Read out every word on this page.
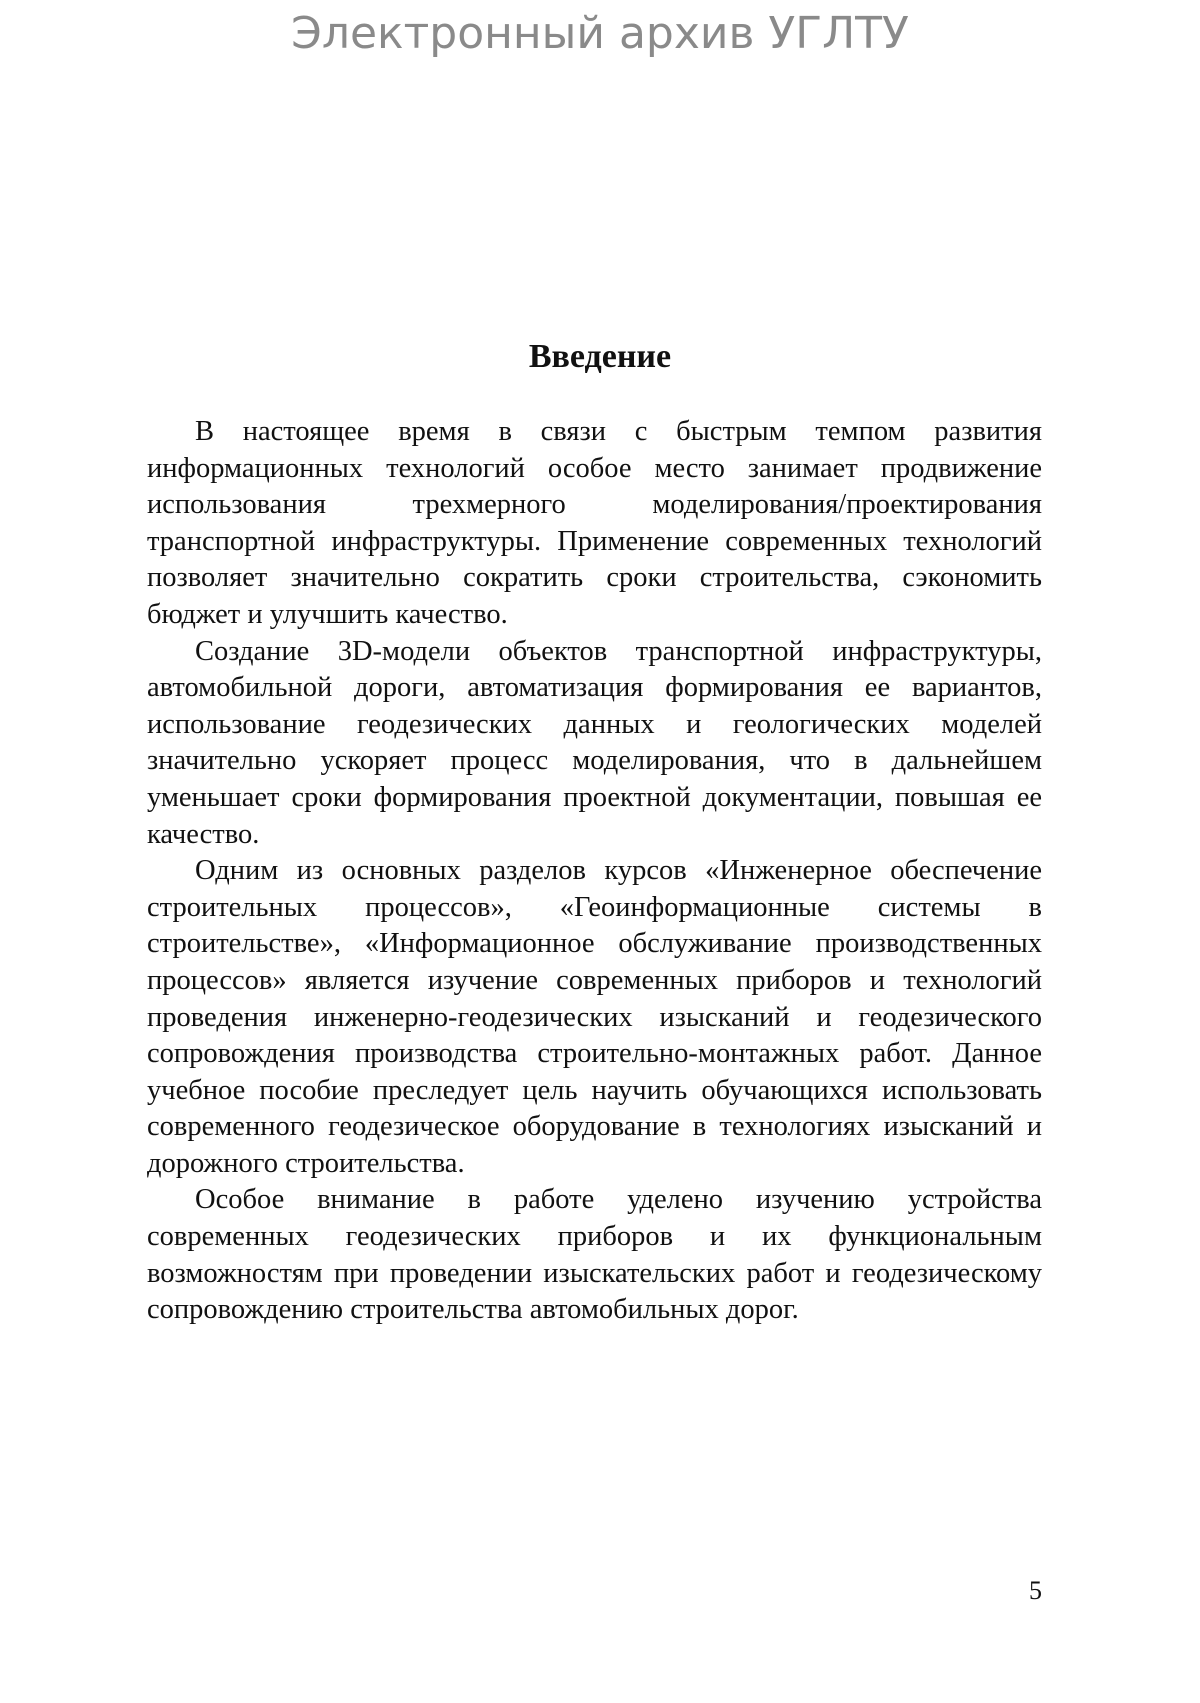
Электронный архив УГЛТУ
Введение

В настоящее время в связи с быстрым темпом развития информационных технологий особое место занимает продвижение использования трехмерного моделирования/проектирования транспортной инфраструктуры. Применение современных технологий позволяет значительно сократить сроки строительства, сэкономить бюджет и улучшить качество.

Создание 3D-модели объектов транспортной инфраструктуры, автомобильной дороги, автоматизация формирования ее вариантов, использование геодезических данных и геологических моделей значительно ускоряет процесс моделирования, что в дальнейшем уменьшает сроки формирования проектной документации, повышая ее качество.

Одним из основных разделов курсов «Инженерное обеспечение строительных процессов», «Геоинформационные системы в строительстве», «Информационное обслуживание производственных процессов» является изучение современных приборов и технологий проведения инженерно-геодезических изысканий и геодезического сопровождения производства строительно-монтажных работ. Данное учебное пособие преследует цель научить обучающихся использовать современного геодезическое оборудование в технологиях изысканий и дорожного строительства.

Особое внимание в работе уделено изучению устройства современных геодезических приборов и их функциональным возможностям при проведении изыскательских работ и геодезическому сопровождению строительства автомобильных дорог.

5
